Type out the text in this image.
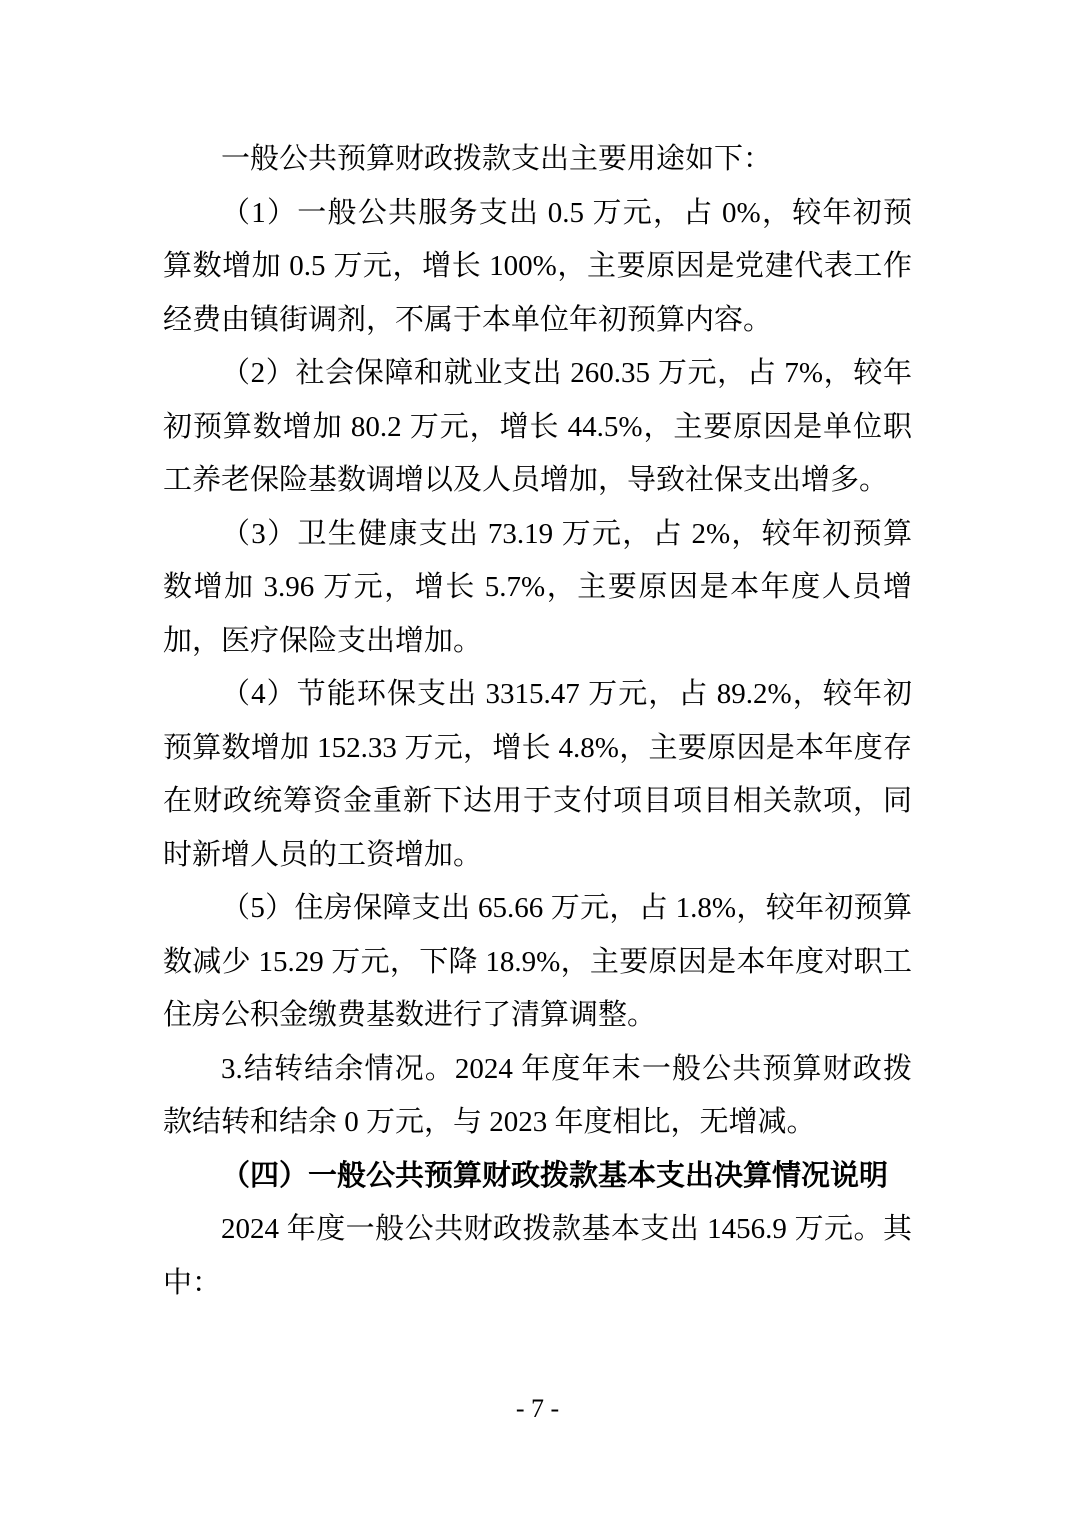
一般公共预算财政拨款支出主要用途如下：

（1）一般公共服务支出 0.5 万元，占 0%，较年初预算数增加 0.5 万元，增长 100%，主要原因是党建代表工作经费由镇街调剂，不属于本单位年初预算内容。

（2）社会保障和就业支出 260.35 万元，占 7%，较年初预算数增加 80.2 万元，增长 44.5%，主要原因是单位职工养老保险基数调增以及人员增加，导致社保支出增多。

（3）卫生健康支出 73.19 万元，占 2%，较年初预算数增加 3.96 万元，增长 5.7%，主要原因是本年度人员增加，医疗保险支出增加。

（4）节能环保支出 3315.47 万元，占 89.2%，较年初预算数增加 152.33 万元，增长 4.8%，主要原因是本年度存在财政统筹资金重新下达用于支付项目项目相关款项，同时新增人员的工资增加。

（5）住房保障支出 65.66 万元，占 1.8%，较年初预算数减少 15.29 万元，下降 18.9%，主要原因是本年度对职工住房公积金缴费基数进行了清算调整。

3.结转结余情况。2024 年度年末一般公共预算财政拨款结转和结余 0 万元，与 2023 年度相比，无增减。

（四）一般公共预算财政拨款基本支出决算情况说明

2024 年度一般公共财政拨款基本支出 1456.9 万元。其中：

- 7 -
